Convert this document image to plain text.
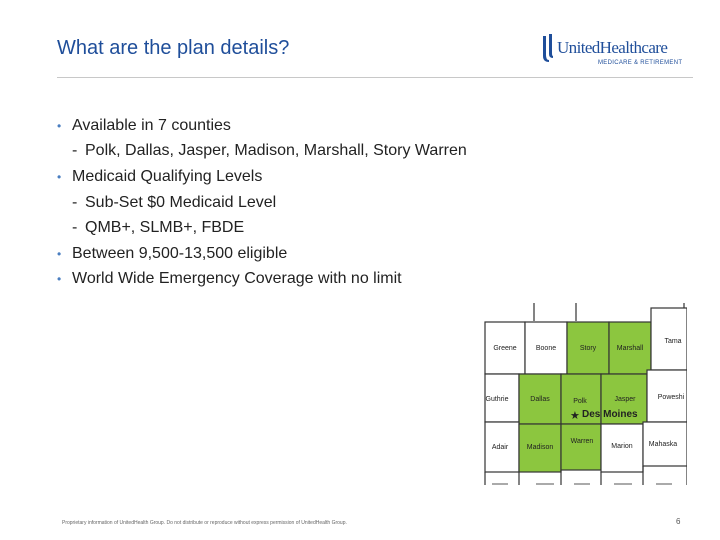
What are the plan details?	UnitedHealthcare
MEDICARE & RETIREMENT
• Available in 7 counties
- Polk, Dallas, Jasper, Madison, Marshall, Story Warren
• Medicaid Qualifying Levels
- Sub-Set $0 Medicaid Level
- QMB+, SLMB+, FBDE
• Between 9,500-13,500 eligible
• World Wide Emergency Coverage with no limit
Greene	Boone	Story	Marshall
Tama
Guthrie	Dallas	Polk	Jasper	Poweshi
Adair	Madison
Warren
Marion Mahaska
★ Des Moines
Proprietary information of UnitedHealth Group. Do not distribute or reproduce without express permission of UnitedHealth Group.	6
